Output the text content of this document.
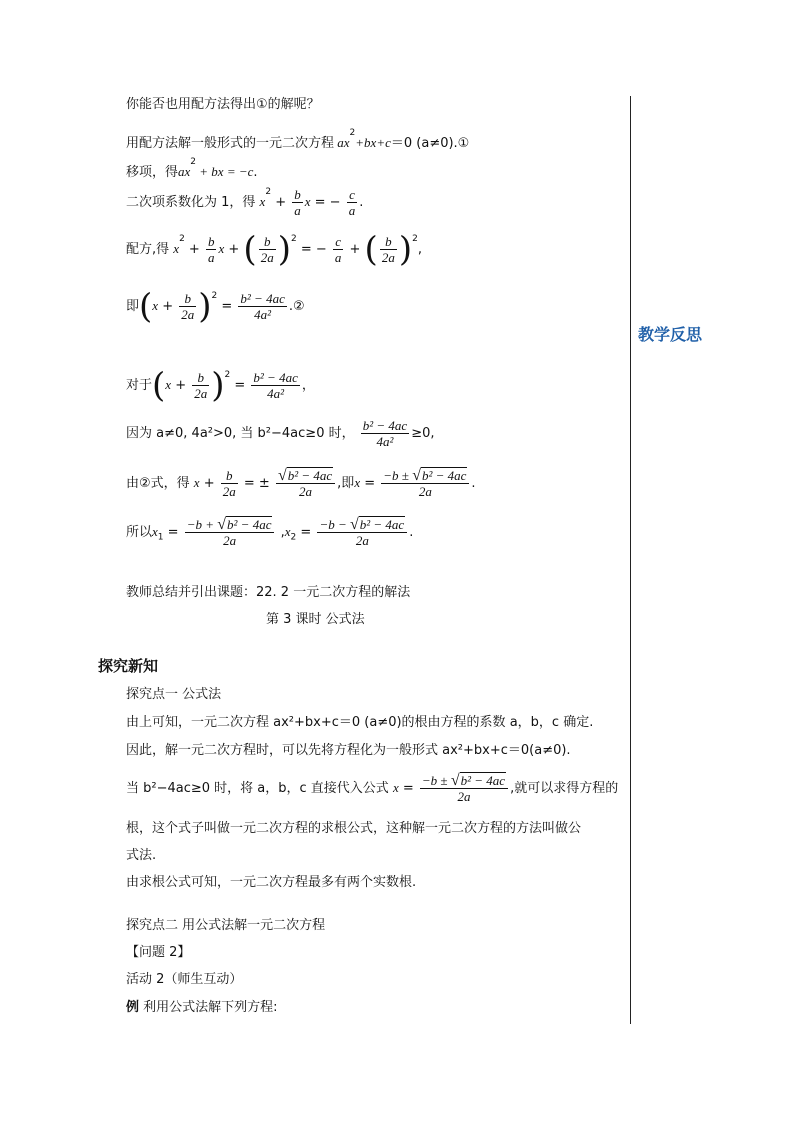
教学反思
你能否也用配方法得出①的解呢？
用配方法解一般形式的一元二次方程 $ax^2+bx+c=0$ (a≠0).①
移项，得$ax^2$ + bx = −c.
二次项系数化为 1，得 $x^2 + \frac{b}{a}$ x = − $\frac{c}{a}$ .
配方,得 $x^2 + \frac{b}{a}$ x + ( $\frac{b}{2a} )^2$ = − $\frac{c}{a}$ + ( $\frac{b}{2a} )^2$,
即$(x + \frac{b}{2a} )^2 = \frac{\text{b² − 4ac}}{\text{4a²}}$ .②
对于$(x + \frac{b}{2a} )^2 = \frac{\text{b² − 4ac}}{\text{4a²}}$ ，
因为 a≠0, 4a²>0, 当 b²−4ac≥0 时， $\frac{\text{b² − 4ac}}{\text{4a²}} \ge 0$,
由②式，得 $x + \frac{b}{2a}$ = ± $\frac{\text{√b² − 4ac}}{2a}$ ,即$x = \frac{\text{−b ± √b² − 4ac}}{2a}$ .
所以$x_1 = \frac{\text{−b + √b² − 4ac}}{2a} ,x_2 = \frac{\text{−b − √b² − 4ac}}{2a}$ .
教师总结并引出课题：22. 2 一元二次方程的解法
第 3 课时 公式法
探究新知
探究点一 公式法
由上可知，一元二次方程 ax²+bx+c＝0 (a≠0)的根由方程的系数 a，b，c 确定.
因此，解一元二次方程时，可以先将方程化为一般形式 ax²+bx+c＝0(a≠0).
当 b²−4ac≥0 时，将 a，b，c 直接代入公式 $x = \frac{\text{−b ± √b² − 4ac}}{2a}$ ,就可以求得方程的
根，这个式子叫做一元二次方程的求根公式，这种解一元二次方程的方法叫做公
式法.
由求根公式可知，一元二次方程最多有两个实数根.
探究点二 用公式法解一元二次方程
【问题 2】
活动 2（师生互动）
例 利用公式法解下列方程:
